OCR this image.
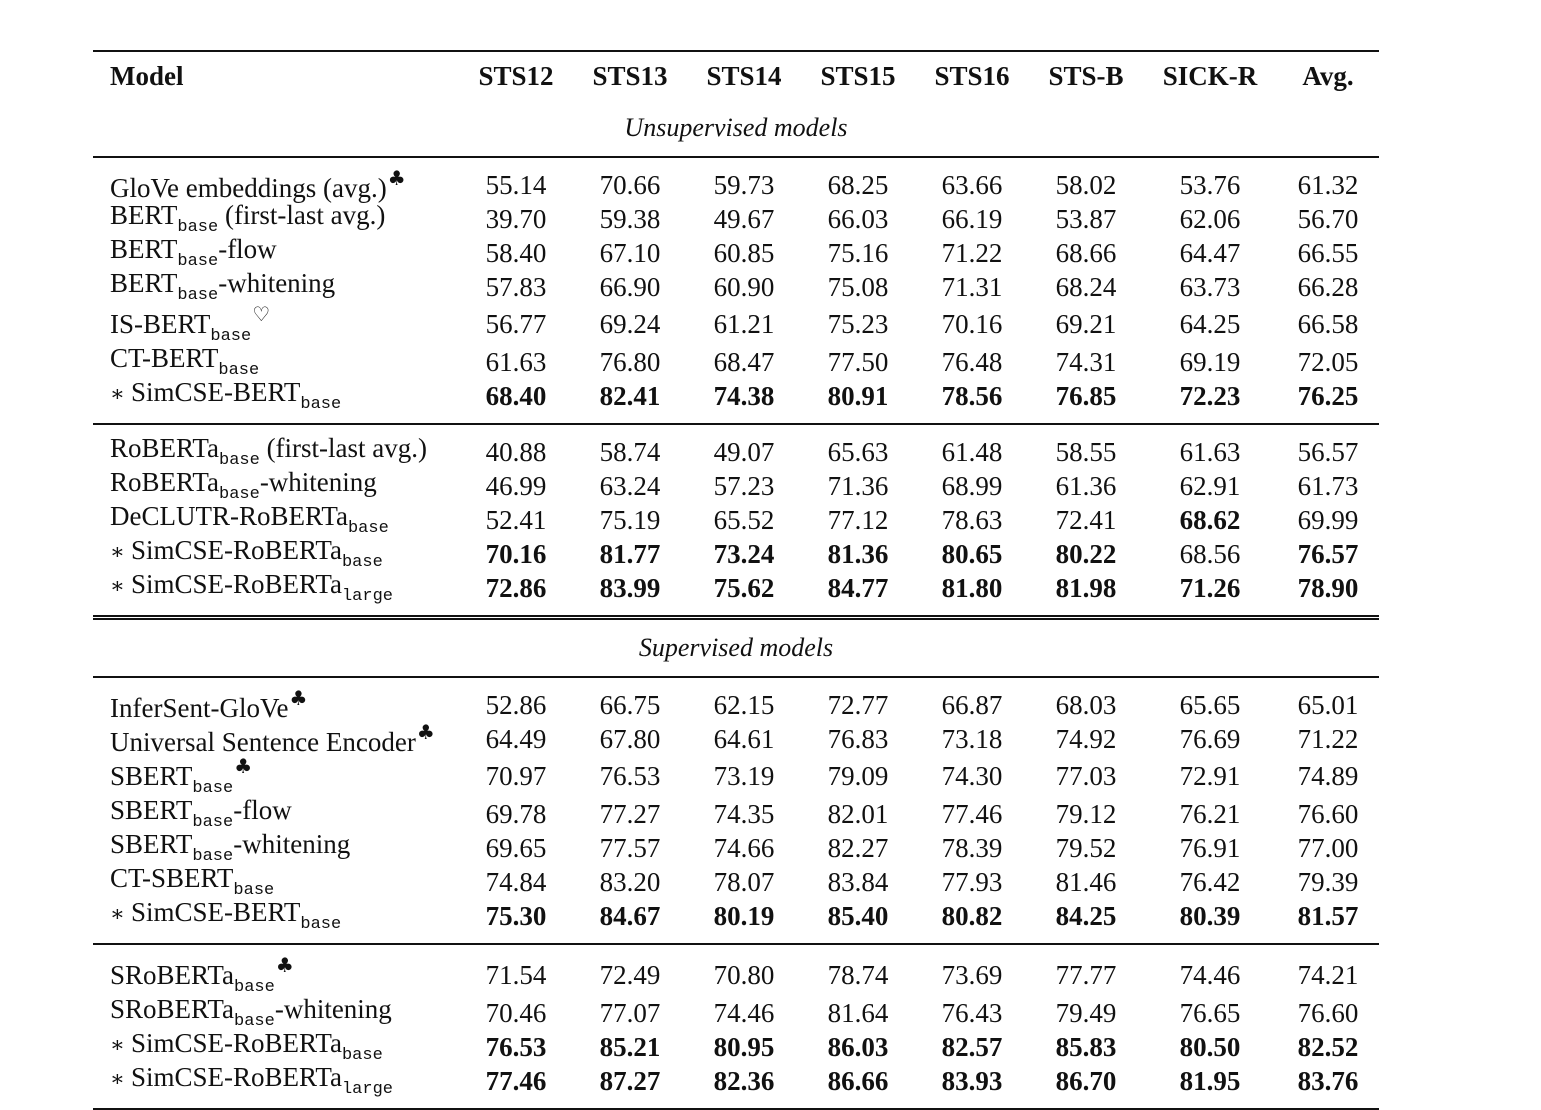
Model	STS12	STS13	STS14	STS15	STS16	STS-B	SICK-R	Avg.
Unsupervised models								
GloVe embeddings (avg.)♣	55.14	70.66	59.73	68.25	63.66	58.02	53.76	61.32
$BERT_{base}$ (first-last avg.)	39.70	59.38	49.67	66.03	66.19	53.87	62.06	56.70
$BERT_{base}$-flow	58.40	67.10	60.85	75.16	71.22	68.66	64.47	66.55
$BERT_{base}$-whitening	57.83	66.90	60.90	75.08	71.31	68.24	63.73	66.28
$IS-BERT_{base}^♡$	56.77	69.24	61.21	75.23	70.16	69.21	64.25	66.58
$CT-BERT_{base}$	61.63	76.80	68.47	77.50	76.48	74.31	69.19	72.05
∗ SimCSE-$BERT_{base}$	68.40	82.41	74.38	80.91	78.56	76.85	72.23	76.25
RoBERTa$_{base}$ (first-last avg.)	40.88	58.74	49.07	65.63	61.48	58.55	61.63	56.57
RoBERTa$_{base}$-whitening	46.99	63.24	57.23	71.36	68.99	61.36	62.91	61.73
DeCLUTR-RoBERTa$_{base}$	52.41	75.19	65.52	77.12	78.63	72.41	68.62	69.99
∗ SimCSE-RoBERTa$_{base}$	70.16	81.77	73.24	81.36	80.65	80.22	68.56	76.57
∗ SimCSE-RoBERTa$_{large}$	72.86	83.99	75.62	84.77	81.80	81.98	71.26	78.90
Supervised models								
InferSent-GloVe♣	52.86	66.75	62.15	72.77	66.87	68.03	65.65	65.01
Universal Sentence Encoder♣	64.49	67.80	64.61	76.83	73.18	74.92	76.69	71.22
$SBERT_{base}^♣$	70.97	76.53	73.19	79.09	74.30	77.03	72.91	74.89
$SBERT_{base}$-flow	69.78	77.27	74.35	82.01	77.46	79.12	76.21	76.60
$SBERT_{base}$-whitening	69.65	77.57	74.66	82.27	78.39	79.52	76.91	77.00
$CT-SBERT_{base}$	74.84	83.20	78.07	83.84	77.93	81.46	76.42	79.39
∗ SimCSE-$BERT_{base}$	75.30	84.67	80.19	85.40	80.82	84.25	80.39	81.57
SRoBERTa$_{base}$♣	71.54	72.49	70.80	78.74	73.69	77.77	74.46	74.21
SRoBERTa$_{base}$-whitening	70.46	77.07	74.46	81.64	76.43	79.49	76.65	76.60
∗ SimCSE-RoBERTa$_{base}$	76.53	85.21	80.95	86.03	82.57	85.83	80.50	82.52
∗ SimCSE-RoBERTa$_{large}$	77.46	87.27	82.36	86.66	83.93	86.70	81.95	83.76
